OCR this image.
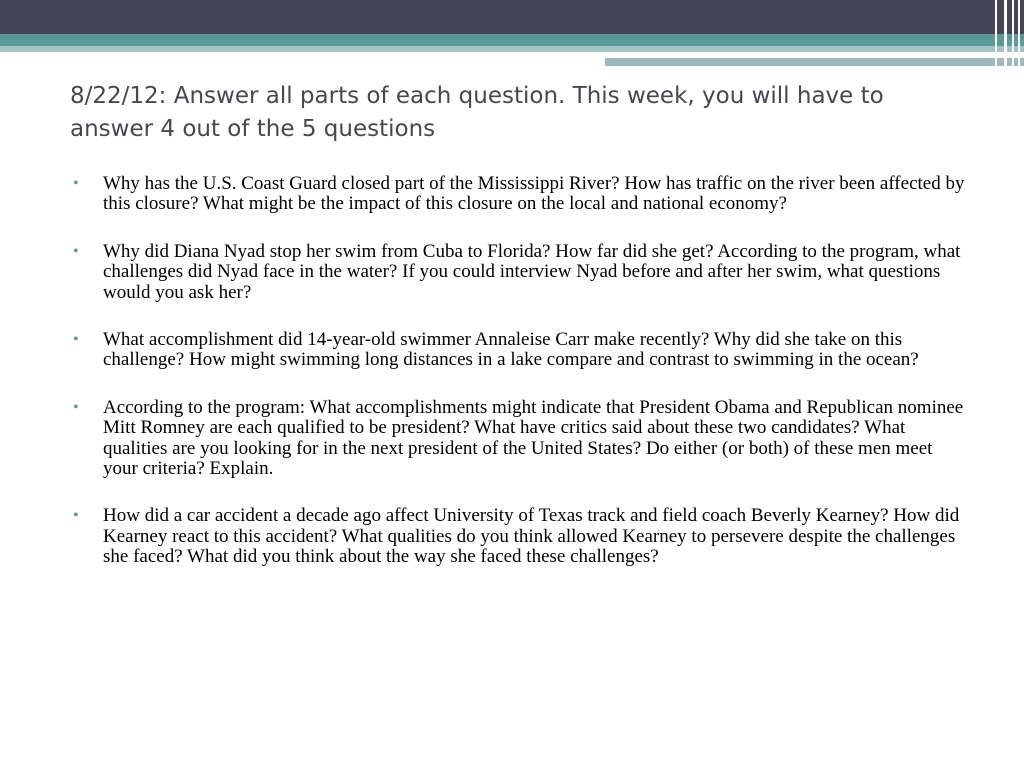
8/22/12: Answer all parts of each question. This week, you will have to answer 4 out of the 5 questions
•	Why has the U.S. Coast Guard closed part of the Mississippi River? How has traffic on the river been affected by this closure? What might be the impact of this closure on the local and national economy?
•	Why did Diana Nyad stop her swim from Cuba to Florida? How far did she get? According to the program, what challenges did Nyad face in the water? If you could interview Nyad before and after her swim, what questions would you ask her?
•	What accomplishment did 14-year-old swimmer Annaleise Carr make recently? Why did she take on this challenge? How might swimming long distances in a lake compare and contrast to swimming in the ocean?
•	According to the program: What accomplishments might indicate that President Obama and Republican nominee Mitt Romney are each qualified to be president? What have critics said about these two candidates? What qualities are you looking for in the next president of the United States? Do either (or both) of these men meet your criteria? Explain.
•	How did a car accident a decade ago affect University of Texas track and field coach Beverly Kearney? How did Kearney react to this accident? What qualities do you think allowed Kearney to persevere despite the challenges she faced? What did you think about the way she faced these challenges?
